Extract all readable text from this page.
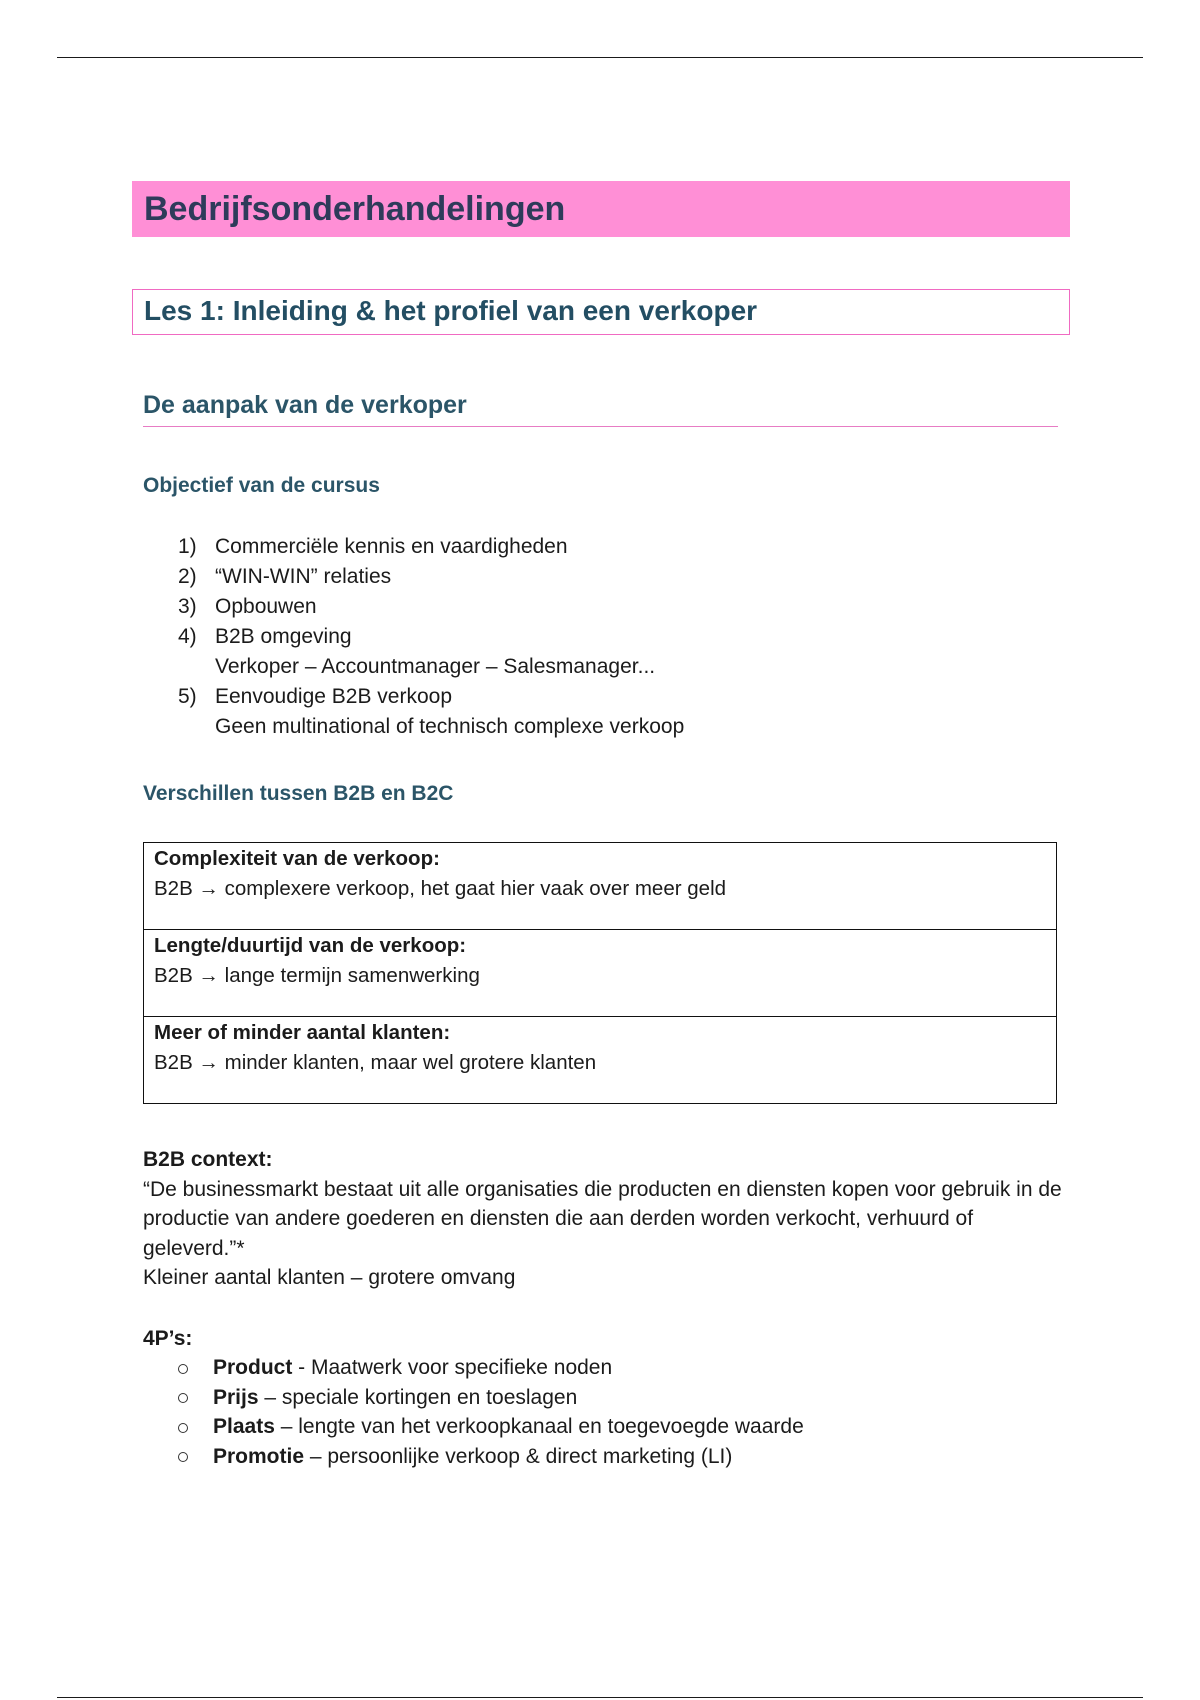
Bedrijfsonderhandelingen
Les 1: Inleiding & het profiel van een verkoper
De aanpak van de verkoper
Objectief van de cursus
1) Commerciële kennis en vaardigheden
2) “WIN-WIN” relaties
3) Opbouwen
4) B2B omgeving
Verkoper – Accountmanager – Salesmanager...
5) Eenvoudige B2B verkoop
Geen multinational of technisch complexe verkoop
Verschillen tussen B2B en B2C
Complexiteit van de verkoop:
B2B → complexere verkoop, het gaat hier vaak over meer geld

Lengte/duurtijd van de verkoop:
B2B → lange termijn samenwerking

Meer of minder aantal klanten:
B2B → minder klanten, maar wel grotere klanten
B2B context:
“De businessmarkt bestaat uit alle organisaties die producten en diensten kopen voor gebruik in de productie van andere goederen en diensten die aan derden worden verkocht, verhuurd of geleverd.”*
Kleiner aantal klanten – grotere omvang
4P’s:
Product - Maatwerk voor specifieke noden
Prijs – speciale kortingen en toeslagen
Plaats – lengte van het verkoopkanaal en toegevoegde waarde
Promotie – persoonlijke verkoop & direct marketing (LI)
